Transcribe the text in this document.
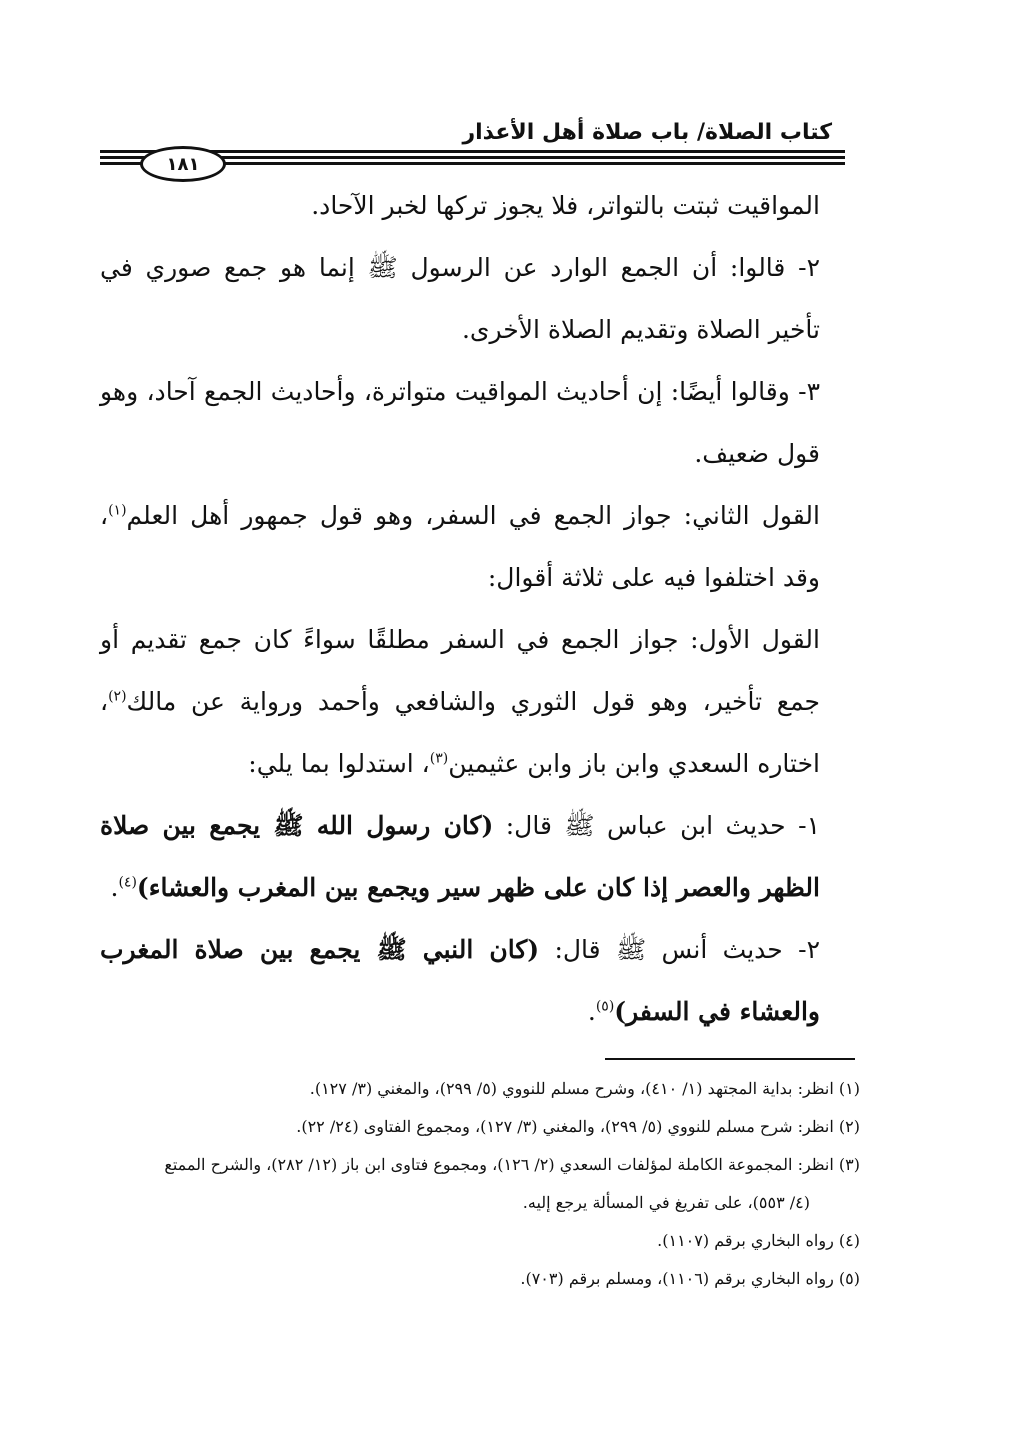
كتاب الصلاة/ باب صلاة أهل الأعذار
١٨١

المواقيت ثبتت بالتواتر، فلا يجوز تركها لخبر الآحاد.

٢- قالوا: أن الجمع الوارد عن الرسول ﷺ إنما هو جمع صوري في تأخير الصلاة وتقديم الصلاة الأخرى.

٣- وقالوا أيضًا: إن أحاديث المواقيت متواترة، وأحاديث الجمع آحاد، وهو قول ضعيف.

القول الثاني: جواز الجمع في السفر، وهو قول جمهور أهل العلم$^{(١)}$، وقد اختلفوا فيه على ثلاثة أقوال:

القول الأول: جواز الجمع في السفر مطلقًا سواءً كان جمع تقديم أو جمع تأخير، وهو قول الثوري والشافعي وأحمد ورواية عن مالك$^{(٢)}$، اختاره السعدي وابن باز وابن عثيمين$^{(٣)}$، استدلوا بما يلي:

١- حديث ابن عباس ﷺ قال: (كان رسول الله ﷺ يجمع بين صلاة الظهر والعصر إذا كان على ظهر سير ويجمع بين المغرب والعشاء)$^{(٤)}$.

٢- حديث أنس ﷺ قال: (كان النبي ﷺ يجمع بين صلاة المغرب والعشاء في السفر)$^{(٥)}$.

(١) انظر: بداية المجتهد (١/ ٤١٠)، وشرح مسلم للنووي (٥/ ٢٩٩)، والمغني (٣/ ١٢٧).

(٢) انظر: شرح مسلم للنووي (٥/ ٢٩٩)، والمغني (٣/ ١٢٧)، ومجموع الفتاوى (٢٤/ ٢٢).

(٣) انظر: المجموعة الكاملة لمؤلفات السعدي (٢/ ١٢٦)، ومجموع فتاوى ابن باز (١٢/ ٢٨٢)، والشرح الممتع

(٤/ ٥٥٣)، على تفريغ في المسألة يرجع إليه.

(٤) رواه البخاري برقم (١١٠٧).

(٥) رواه البخاري برقم (١١٠٦)، ومسلم برقم (٧٠٣).
